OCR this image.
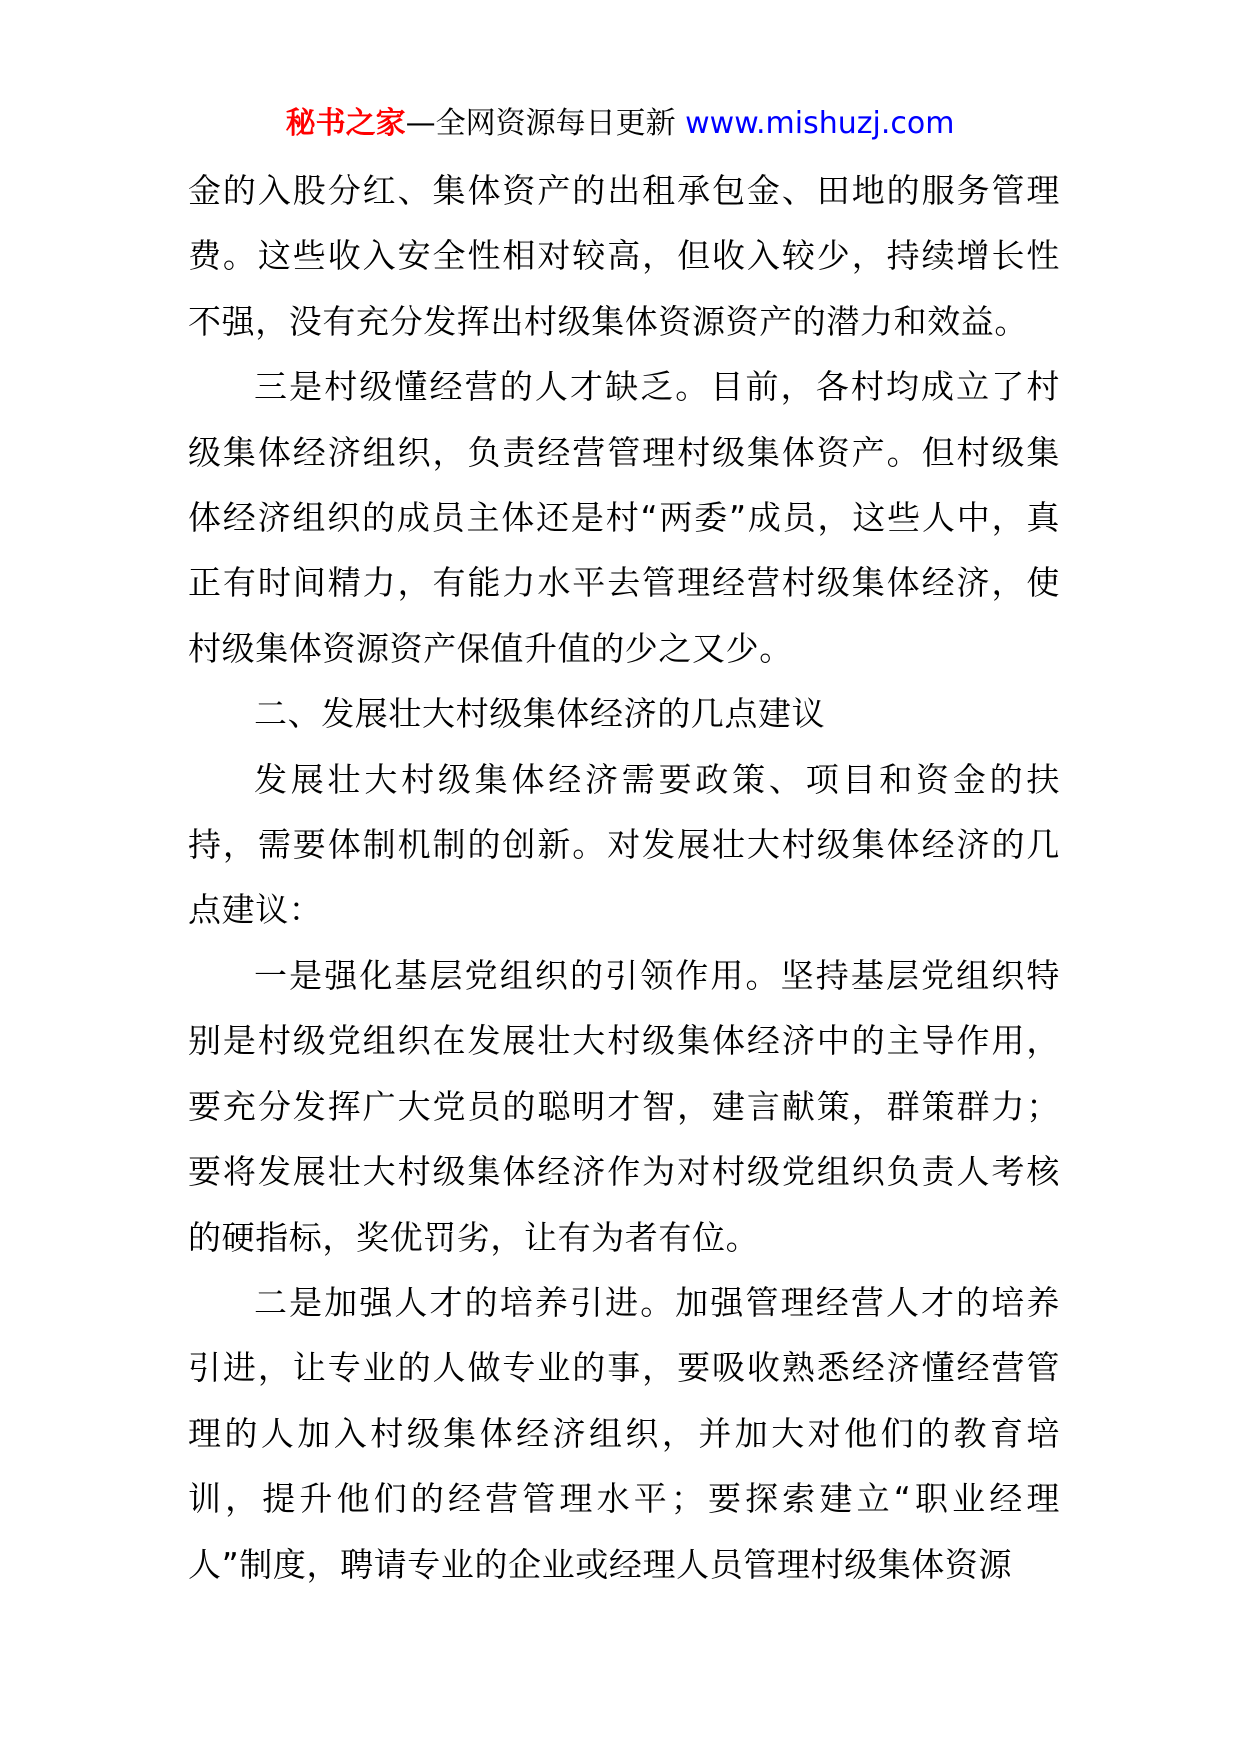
秘书之家—全网资源每日更新 www.mishuzj.com

金的入股分红、集体资产的出租承包金、田地的服务管理费。这些收入安全性相对较高，但收入较少，持续增长性不强，没有充分发挥出村级集体资源资产的潜力和效益。

三是村级懂经营的人才缺乏。目前，各村均成立了村级集体经济组织，负责经营管理村级集体资产。但村级集体经济组织的成员主体还是村“两委”成员，这些人中，真正有时间精力，有能力水平去管理经营村级集体经济，使村级集体资源资产保值升值的少之又少。

二、发展壮大村级集体经济的几点建议

发展壮大村级集体经济需要政策、项目和资金的扶持，需要体制机制的创新。对发展壮大村级集体经济的几点建议：

一是强化基层党组织的引领作用。坚持基层党组织特别是村级党组织在发展壮大村级集体经济中的主导作用，要充分发挥广大党员的聪明才智，建言献策，群策群力；要将发展壮大村级集体经济作为对村级党组织负责人考核的硬指标，奖优罚劣，让有为者有位。

二是加强人才的培养引进。加强管理经营人才的培养引进，让专业的人做专业的事，要吸收熟悉经济懂经营管理的人加入村级集体经济组织，并加大对他们的教育培训，提升他们的经营管理水平；要探索建立“职业经理人”制度，聘请专业的企业或经理人员管理村级集体资源
